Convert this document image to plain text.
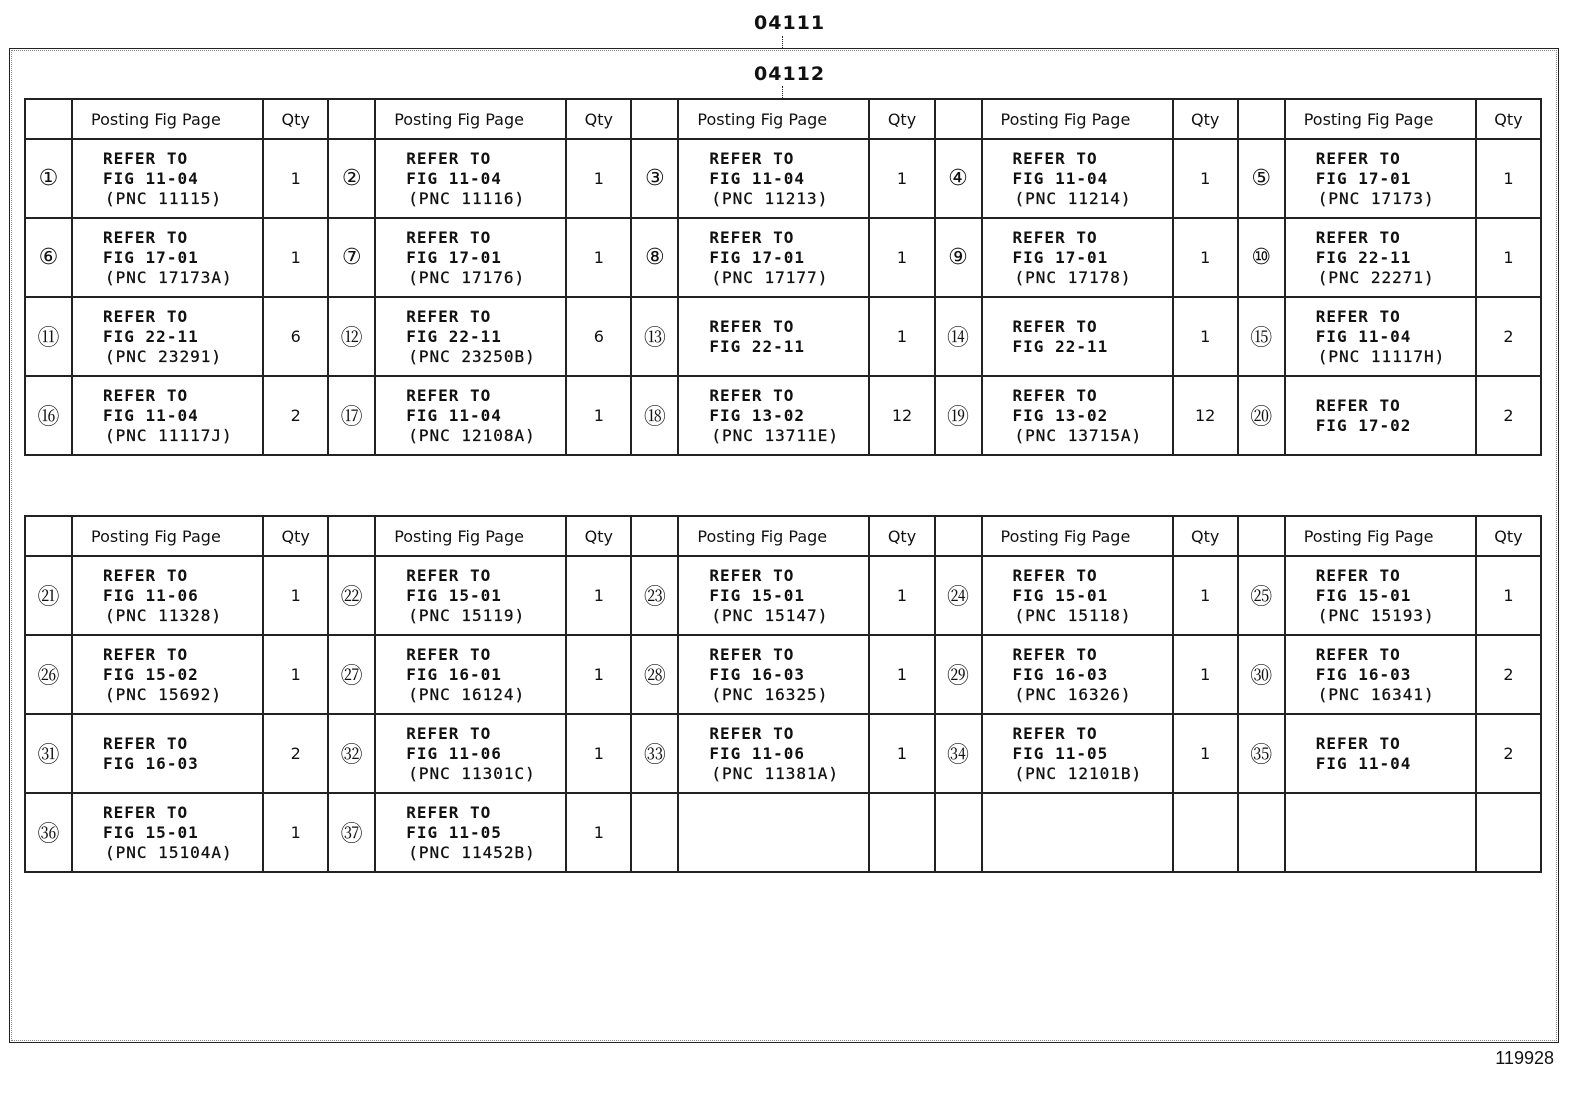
04111
04112
	Posting Fig Page	Qty		Posting Fig Page	Qty		Posting Fig Page	Qty		Posting Fig Page	Qty		Posting Fig Page	Qty
①	REFER TO
FIG 11-04
(PNC 11115)	1	②	REFER TO
FIG 11-04
(PNC 11116)	1	③	REFER TO
FIG 11-04
(PNC 11213)	1	④	REFER TO
FIG 11-04
(PNC 11214)	1	⑤	REFER TO
FIG 17-01
(PNC 17173)	1
⑥	REFER TO
FIG 17-01
(PNC 17173A)	1	⑦	REFER TO
FIG 17-01
(PNC 17176)	1	⑧	REFER TO
FIG 17-01
(PNC 17177)	1	⑨	REFER TO
FIG 17-01
(PNC 17178)	1	⑩	REFER TO
FIG 22-11
(PNC 22271)	1
⑪	REFER TO
FIG 22-11
(PNC 23291)	6	⑫	REFER TO
FIG 22-11
(PNC 23250B)	6	⑬	REFER TO
FIG 22-11	1	⑭	REFER TO
FIG 22-11	1	⑮	REFER TO
FIG 11-04
(PNC 11117H)	2
⑯	REFER TO
FIG 11-04
(PNC 11117J)	2	⑰	REFER TO
FIG 11-04
(PNC 12108A)	1	⑱	REFER TO
FIG 13-02
(PNC 13711E)	12	⑲	REFER TO
FIG 13-02
(PNC 13715A)	12	⑳	REFER TO
FIG 17-02	2
	Posting Fig Page	Qty		Posting Fig Page	Qty		Posting Fig Page	Qty		Posting Fig Page	Qty		Posting Fig Page	Qty
㉑	REFER TO
FIG 11-06
(PNC 11328)	1	㉒	REFER TO
FIG 15-01
(PNC 15119)	1	㉓	REFER TO
FIG 15-01
(PNC 15147)	1	㉔	REFER TO
FIG 15-01
(PNC 15118)	1	㉕	REFER TO
FIG 15-01
(PNC 15193)	1
㉖	REFER TO
FIG 15-02
(PNC 15692)	1	㉗	REFER TO
FIG 16-01
(PNC 16124)	1	㉘	REFER TO
FIG 16-03
(PNC 16325)	1	㉙	REFER TO
FIG 16-03
(PNC 16326)	1	㉚	REFER TO
FIG 16-03
(PNC 16341)	2
㉛	REFER TO
FIG 16-03	2	㉜	REFER TO
FIG 11-06
(PNC 11301C)	1	㉝	REFER TO
FIG 11-06
(PNC 11381A)	1	㉞	REFER TO
FIG 11-05
(PNC 12101B)	1	㉟	REFER TO
FIG 11-04	2
㊱	REFER TO
FIG 15-01
(PNC 15104A)	1	㊲	REFER TO
FIG 11-05
(PNC 11452B)	1		

119928
